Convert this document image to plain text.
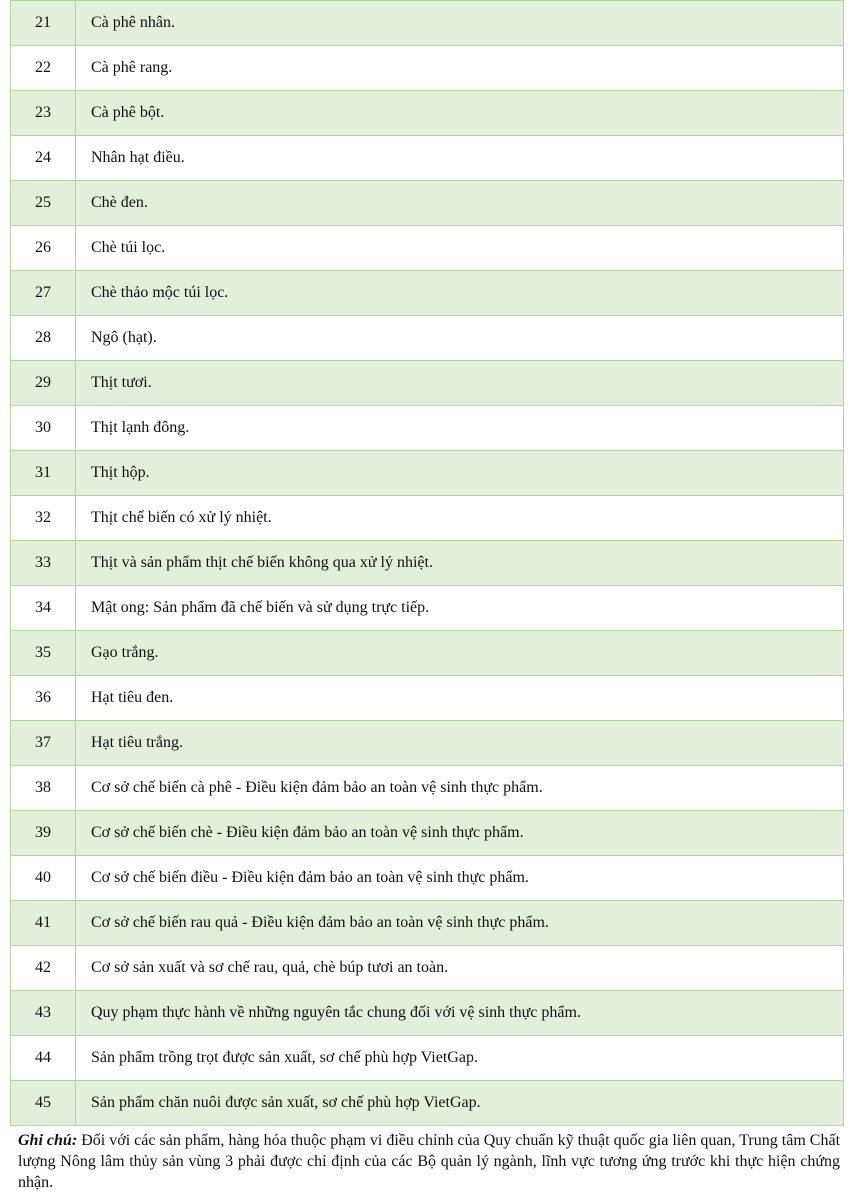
21	Cà phê nhân.
22	Cà phê rang.
23	Cà phê bột.
24	Nhân hạt điều.
25	Chè đen.
26	Chè túi lọc.
27	Chè thảo mộc túi lọc.
28	Ngô (hạt).
29	Thịt tươi.
30	Thịt lạnh đông.
31	Thịt hộp.
32	Thịt chế biến có xử lý nhiệt.
33	Thịt và sản phẩm thịt chế biến không qua xử lý nhiệt.
34	Mật ong: Sản phẩm đã chế biến và sử dụng trực tiếp.
35	Gạo trắng.
36	Hạt tiêu đen.
37	Hạt tiêu trắng.
38	Cơ sở chế biến cà phê - Điều kiện đảm bảo an toàn vệ sinh thực phẩm.
39	Cơ sở chế biến chè - Điều kiện đảm bảo an toàn vệ sinh thực phẩm.
40	Cơ sở chế biến điều - Điều kiện đảm bảo an toàn vệ sinh thực phẩm.
41	Cơ sở chế biến rau quả - Điều kiện đảm bảo an toàn vệ sinh thực phẩm.
42	Cơ sở sản xuất và sơ chế rau, quả, chè búp tươi an toàn.
43	Quy phạm thực hành về những nguyên tắc chung đối với vệ sinh thực phẩm.
44	Sản phẩm trồng trọt được sản xuất, sơ chế phù hợp VietGap.
45	Sản phẩm chăn nuôi được sản xuất, sơ chế phù hợp VietGap.

Ghi chú: Đối với các sản phẩm, hàng hóa thuộc phạm vi điều chỉnh của Quy chuẩn kỹ thuật quốc gia liên quan, Trung tâm Chất lượng Nông lâm thủy sản vùng 3 phải được chỉ định của các Bộ quản lý ngành, lĩnh vực tương ứng trước khi thực hiện chứng nhận.
